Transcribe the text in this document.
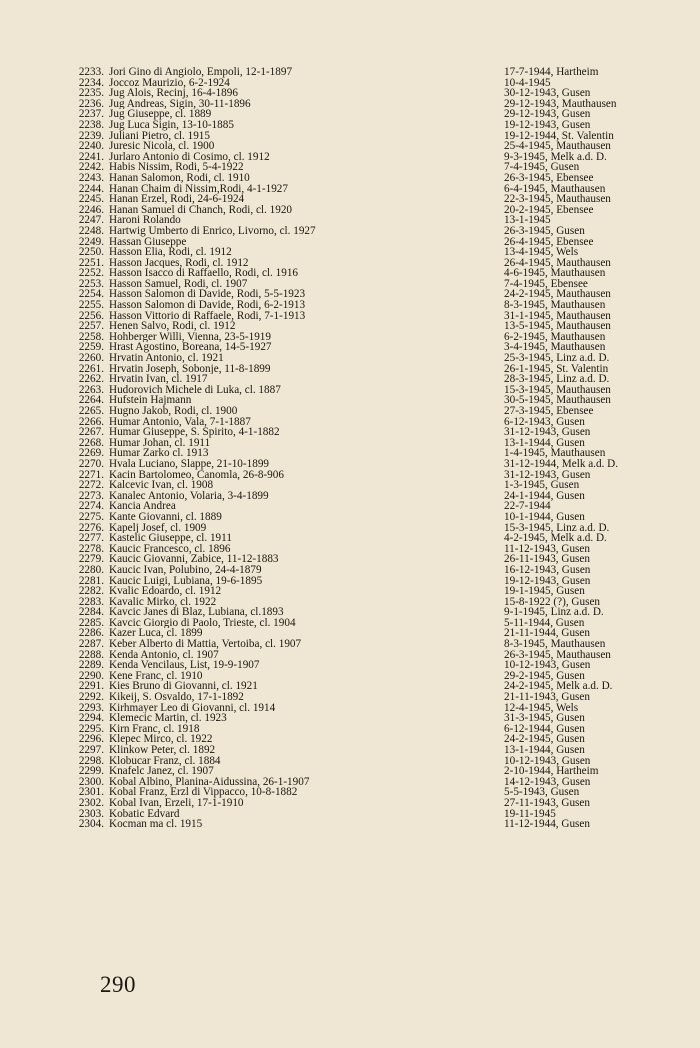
2233. Jori Gino di Angiolo, Empoli, 12-1-1897	17-7-1944, Hartheim
2234. Joccoz Maurizio, 6-2-1924	10-4-1945
2235. Jug Alois, Recinj, 16-4-1896	30-12-1943, Gusen
2236. Jug Andreas, Sigin, 30-11-1896	29-12-1943, Mauthausen
2237. Jug Giuseppe, cl. 1889	29-12-1943, Gusen
2238. Jug Luca Sigin, 13-10-1885	19-12-1943, Gusen
2239. Juliani Pietro, cl. 1915	19-12-1944, St. Valentin
2240. Juresic Nicola, cl. 1900	25-4-1945, Mauthausen
2241. Jurlaro Antonio di Cosimo, cl. 1912	9-3-1945, Melk a.d. D.
2242. Habis Nissim, Rodi, 5-4-1922	7-4-1945, Gusen
2243. Hanan Salomon, Rodi, cl. 1910	26-3-1945, Ebensee
2244. Hanan Chaim di Nissim,Rodi, 4-1-1927	6-4-1945, Mauthausen
2245. Hanan Erzel, Rodi, 24-6-1924	22-3-1945, Mauthausen
2246. Hanan Samuel di Chanch, Rodi, cl. 1920	20-2-1945, Ebensee
2247. Haroni Rolando	13-1-1945
2248. Hartwig Umberto di Enrico, Livorno, cl. 1927	26-3-1945, Gusen
2249. Hassan Giuseppe	26-4-1945, Ebensee
2250. Hasson Elia, Rodi, cl. 1912	13-4-1945, Wels
2251. Hasson Jacques, Rodi, cl. 1912	26-4-1945, Mauthausen
2252. Hasson Isacco di Raffaello, Rodi, cl. 1916	4-6-1945, Mauthausen
2253. Hasson Samuel, Rodi, cl. 1907	7-4-1945, Ebensee
2254. Hasson Salomon di Davide, Rodi, 5-5-1923	24-2-1945, Mauthausen
2255. Hasson Salomon di Davide, Rodi, 6-2-1913	8-3-1945, Mauthausen
2256. Hasson Vittorio di Raffaele, Rodi, 7-1-1913	31-1-1945, Mauthausen
2257. Henen Salvo, Rodi, cl. 1912	13-5-1945, Mauthausen
2258. Hohberger Willi, Vienna, 23-5-1919	6-2-1945, Mauthausen
2259. Hrast Agostino, Boreana, 14-5-1927	3-4-1945, Mauthausen
2260. Hrvatin Antonio, cl. 1921	25-3-1945, Linz a.d. D.
2261. Hrvatin Joseph, Sobonje, 11-8-1899	26-1-1945, St. Valentin
2262. Hrvatin Ivan, cl. 1917	28-3-1945, Linz a.d. D.
2263. Hudorovich Michele di Luka, cl. 1887	15-3-1945, Mauthausen
2264. Hufstein Hajmann	30-5-1945, Mauthausen
2265. Hugno Jakob, Rodi, cl. 1900	27-3-1945, Ebensee
2266. Humar Antonio, Vala, 7-1-1887	6-12-1943, Gusen
2267. Humar Giuseppe, S. Spirito, 4-1-1882	31-12-1943, Gusen
2268. Humar Johan, cl. 1911	13-1-1944, Gusen
2269. Humar Zarko cl. 1913	1-4-1945, Mauthausen
2270. Hvala Luciano, Slappe, 21-10-1899	31-12-1944, Melk a.d. D.
2271. Kacin Bartolomeo, Canomla, 26-8-906	31-12-1943, Gusen
2272. Kalcevic Ivan, cl. 1908	1-3-1945, Gusen
2273. Kanalec Antonio, Volaria, 3-4-1899	24-1-1944, Gusen
2274. Kancia Andrea	22-7-1944
2275. Kante Giovanni, cl. 1889	10-1-1944, Gusen
2276. Kapelj Josef, cl. 1909	15-3-1945, Linz a.d. D.
2277. Kastelic Giuseppe, cl. 1911	4-2-1945, Melk a.d. D.
2278. Kaucic Francesco, cl. 1896	11-12-1943, Gusen
2279. Kaucic Giovanni, Zabice, 11-12-1883	26-11-1943, Gusen
2280. Kaucic Ivan, Polubino, 24-4-1879	16-12-1943, Gusen
2281. Kaucic Luigi, Lubiana, 19-6-1895	19-12-1943, Gusen
2282. Kvalic Edoardo, cl. 1912	19-1-1945, Gusen
2283. Kavalic Mirko, cl. 1922	15-8-1922 (?), Gusen
2284. Kavcic Janes di Blaz, Lubiana, cl.1893	9-1-1945, Linz a.d. D.
2285. Kavcic Giorgio di Paolo, Trieste, cl. 1904	5-11-1944, Gusen
2286. Kazer Luca, cl. 1899	21-11-1944, Gusen
2287. Keber Alberto di Mattia, Vertoiba, cl. 1907	8-3-1945, Mauthausen
2288. Kenda Antonio, cl. 1907	26-3-1945, Mauthausen
2289. Kenda Vencilaus, List, 19-9-1907	10-12-1943, Gusen
2290. Kene Franc, cl. 1910	29-2-1945, Gusen
2291. Kies Bruno di Giovanni, cl. 1921	24-2-1945, Melk a.d. D.
2292. Kikeij, S. Osvaldo, 17-1-1892	21-11-1943, Gusen
2293. Kirhmayer Leo di Giovanni, cl. 1914	12-4-1945, Wels
2294. Klemecic Martin, cl. 1923	31-3-1945, Gusen
2295. Kirn Franc, cl. 1918	6-12-1944, Gusen
2296. Klepec Mirco, cl. 1922	24-2-1945, Gusen
2297. Klinkow Peter, cl. 1892	13-1-1944, Gusen
2298. Klobucar Franz, cl. 1884	10-12-1943, Gusen
2299. Knafelc Janez, cl. 1907	2-10-1944, Hartheim
2300. Kobal Albino, Planina-Aidussina, 26-1-1907	14-12-1943, Gusen
2301. Kobal Franz, Erzl di Vippacco, 10-8-1882	5-5-1943, Gusen
2302. Kobal Ivan, Erzeli, 17-1-1910	27-11-1943, Gusen
2303. Kobatic Edvard	19-11-1945
2304. Kocman ma cl. 1915	11-12-1944, Gusen
290
